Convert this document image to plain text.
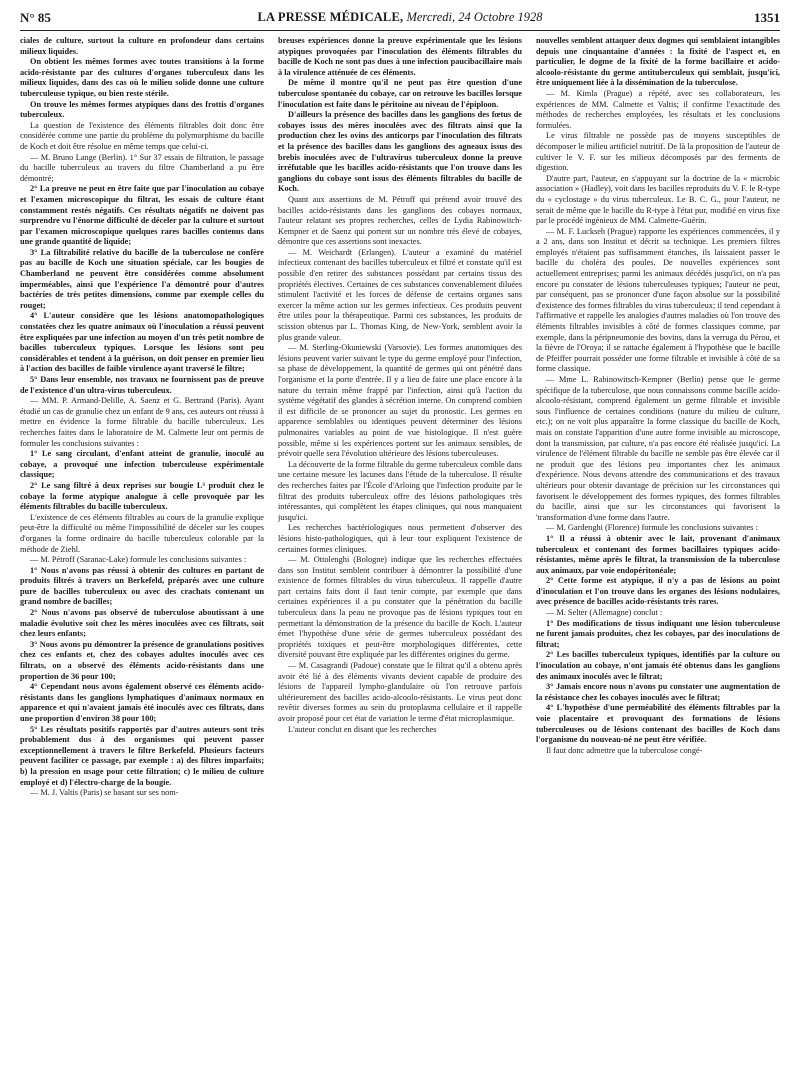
N° 85	LA PRESSE MÉDICALE, Mercredi, 24 Octobre 1928	1351

ciales de culture, surtout la culture en profondeur dans certains milieux liquides.

On obtient les mêmes formes avec toutes transitions à la forme acido-résistante par des cultures d'organes tuberculeux dans les milieux liquides, dans des cas où le milieu solide donne une culture tuberculeuse typique, ou bien reste stérile.

On trouve les mêmes formes atypiques dans des frottis d'organes tuberculeux.

La question de l'existence des éléments filtrables doit donc être considérée comme une partie du problème du polymorphisme du bacille de Koch et doit être résolue en même temps que celui-ci.

— M. Bruno Lange (Berlin). 1° Sur 37 essais de filtration, le passage du bacille tuberculeux au travers du filtre Chamberland a pu être démontré;

2° La preuve ne peut en être faite que par l'inoculation au cobaye et l'examen microscopique du filtrat, les essais de culture étant constamment restés négatifs. Ces résultats négatifs ne doivent pas surprendre vu l'énorme difficulté de déceler par la culture et surtout par l'examen microscopique quelques rares bacilles contenus dans une grande quantité de liquide;

3° La filtrabilité relative du bacille de la tuberculose ne confère pas au bacille de Koch une situation spéciale, car les bougies de Chamberland ne peuvent être considérées comme absolument imperméables, ainsi que l'expérience l'a démontré pour d'autres bactéries de très petites dimensions, comme par exemple celles du rouget;

4° L'auteur considère que les lésions anatomopathologiques constatées chez les quatre animaux où l'inoculation a réussi peuvent être expliquées par une infection au moyen d'un très petit nombre de bacilles tuberculeux typiques. Lorsque les lésions sont peu considérables et tendent à la guérison, on doit penser en premier lieu à l'action des bacilles de faible virulence ayant traversé le filtre;

5° Dans leur ensemble, nos travaux ne fournissent pas de preuve de l'existence d'un ultra-virus tuberculeux.

— MM. P. Armand-Delille, A. Saenz et G. Bertrand (Paris). Ayant étudié un cas de granulie chez un enfant de 9 ans, ces auteurs ont réussi à mettre en évidence la forme filtrable du bacille tuberculeux. Les recherches faites dans le laboratoire de M. Calmette leur ont permis de formuler les conclusions suivantes :

1° Le sang circulant, d'enfant atteint de granulie, inoculé au cobaye, a provoqué une infection tuberculeuse expérimentale classique;

2° Le sang filtré à deux reprises sur bougie L³ produit chez le cobaye la forme atypique analogue à celle provoquée par les éléments filtrables du bacille tuberculeux.

L'existence de ces éléments filtrables au cours de la granulie explique peut-être la difficulté ou même l'impossibilité de déceler sur les coupes d'organes la forme ordinaire du bacille tuberculeux colorable par la méthode de Ziehl.

— M. Pétroff (Saranac-Lake) formule les conclusions suivantes :

1° Nous n'avons pas réussi à obtenir des cultures en partant de produits filtrés à travers un Berkefeld, préparés avec une culture pure de bacilles tuberculeux ou avec des crachats contenant un grand nombre de bacilles;

2° Nous n'avons pas observé de tuberculose aboutissant à une maladie évolutive soit chez les mères inoculées avec ces filtrats, soit chez leurs enfants;

3° Nous avons pu démontrer la présence de granulations positives chez ces enfants et, chez des cobayes adultes inoculés avec ces filtrats, on a observé des éléments acido-résistants dans une proportion de 36 pour 100;

4° Cependant nous avons également observé ces éléments acido-résistants dans les ganglions lymphatiques d'animaux normaux en apparence et qui n'avaient jamais été inoculés avec ces filtrats, dans une proportion d'environ 38 pour 100;

5° Les résultats positifs rapportés par d'autres auteurs sont très probablement dus à des organismes qui peuvent passer exceptionnellement à travers le filtre Berkefeld. Plusieurs facteurs peuvent faciliter ce passage, par exemple : a) des filtres imparfaits; b) la pression en usage pour cette filtration; c) le milieu de culture employé et d) l'électro-charge de la bougie.

— M. J. Valtis (Paris) se basant sur ses nom-

breuses expériences donne la preuve expérimentale que les lésions atypiques provoquées par l'inoculation des éléments filtrables du bacille de Koch ne sont pas dues à une infection paucibacillaire mais à la virulence atténuée de ces éléments.

De même il montre qu'il ne peut pas être question d'une tuberculose spontanée du cobaye, car on retrouve les bacilles lorsque l'inoculation est faite dans le péritoine au niveau de l'épiploon.

D'ailleurs la présence des bacilles dans les ganglions des fœtus de cobayes issus des mères inoculées avec des filtrats ainsi que la production chez les ovins des anticorps par l'inoculation des filtrats et la présence des bacilles dans les ganglions des agneaux issus des brebis inoculées avec de l'ultravirus tuberculeux donne la preuve irréfutable que les bacilles acido-résistants que l'on trouve dans les ganglions du cobaye sont issus des éléments filtrables du bacille de Koch.

Quant aux assertions de M. Pétroff qui prétend avoir trouvé des bacilles acido-résistants dans les ganglions des cobayes normaux, l'auteur relatant ses propres recherches, celles de Lydia Rabinowitch-Kempner et de Saenz qui portent sur un nombre très élevé de cobayes, démontre que ces assertions sont inexactes.

— M. Weichardt (Erlangen). L'auteur a examiné du matériel infectieux contenant des bacilles tuberculeux et filtré et constate qu'il est possible d'en retirer des substances possédant par certains tissus des propriétés électives. Certaines de ces substances convenablement diluées stimulent l'activité et les forces de défense de certains organes sans exercer la même action sur les germes infectieux. Ces produits peuvent être utiles pour la thérapeutique. Parmi ces substances, les produits de scission obtenus par L. Thomas King, de New-York, semblent avoir la plus grande valeur.

— M. Sterling-Okuniewski (Varsovie). Les formes anatomiques des lésions peuvent varier suivant le type du germe employé pour l'infection, sa phase de développement, la quantité de germes qui ont pénétré dans l'organisme et la porte d'entrée. Il y a lieu de faire une place encore à la nature du terrain même frappé par l'infection, ainsi qu'à l'action du système végétatif des glandes à sécrétion interne. On comprend combien il est difficile de se prononcer au sujet du pronostic. Les germes en apparence semblables ou identiques peuvent déterminer des lésions pulmonaires variables au point de vue histologique. Il n'est guère possible, même si les expériences portent sur les animaux sensibles, de prévoir quelle sera l'évolution ultérieure des lésions tuberculeuses.

La découverte de la forme filtrable du germe tuberculeux comble dans une certaine mesure les lacunes dans l'étude de la tuberculose. Il résulte des recherches faites par l'École d'Arloing que l'infection produite par le filtrat des produits tuberculeux offre des lésions pathologiques très intéressantes, qui complètent les étapes cliniques, qui nous manquaient jusqu'ici.

Les recherches bactériologiques nous permettent d'observer des lésions histo-pathologiques, qui à leur tour expliquent l'existence de certaines formes cliniques.

— M. Ottolenghi (Bologne) indique que les recherches effectuées dans son Institut semblent contribuer à démontrer la possibilité d'une existence de formes filtrables du virus tuberculeux. Il rappelle d'autre part certains faits dont il faut tenir compte, par exemple que dans certaines expériences il a pu constater que la pénétration du bacille tuberculeux dans la peau ne provoque pas de lésions typiques tout en permettant la démonstration de la présence du bacille de Koch. L'auteur émet l'hypothèse d'une série de germes tuberculeux possédant des propriétés toxiques et peut-être morphologiques différentes, cette diversité pouvant être expliquée par les différentes origines du germe.

— M. Casagrandi (Padoue) constate que le filtrat qu'il a obtenu après avoir été lié à des éléments vivants devient capable de produire des lésions de l'appareil lympho-glandulaire où l'on retrouve parfois ultérieurement des bacilles acido-alcoolo-résistants. Le virus peut donc revêtir diverses formes au sein du protoplasma cellulaire et il rappelle avoir proposé pour cet état de variation le terme d'état microplasmique.

L'auteur conclut en disant que les recherches

nouvelles semblent attaquer deux dogmes qui semblaient intangibles depuis une cinquantaine d'années : la fixité de l'aspect et, en particulier, le dogme de la fixité de la forme bacillaire et acido-alcoolo-résistante du germe antituberculeux qui semblait, jusqu'ici, être uniquement liée à la dissémination de la tuberculose.

— M. Kimla (Prague) a répété, avec ses collaborateurs, les expériences de MM. Calmette et Valtis; il confirme l'exactitude des méthodes de recherches employées, les résultats et les conclusions formulées.

Le virus filtrable ne possède pas de moyens susceptibles de décomposer le milieu artificiel nutritif. De là la proposition de l'auteur de cultiver le V. F. sur les milieux décomposés par des ferments de digestion.

D'autre part, l'auteur, en s'appuyant sur la doctrine de la « microbic association » (Hadley), voit dans les bacilles reproduits du V. F. le R-type du « cyclostage » du virus tuberculeux. Le B. C. G., pour l'auteur, ne serait de même que le bacille du R-type à l'état pur, modifié en virus fixe par le procédé ingénieux de MM. Calmette-Guérin.

— M. F. Luckseh (Prague) rapporte les expériences commencées, il y a 2 ans, dans son Institut et décrit sa technique. Les premiers filtres employés n'étaient pas suffisamment étanches, ils laissaient passer le bacille du choléra des poules. De nouvelles expériences sont actuellement entreprises; parmi les animaux décédés jusqu'ici, on n'a pas encore pu constater de lésions tuberculeuses typiques; l'auteur ne peut, par conséquent, pas se prononcer d'une façon absolue sur la possibilité d'existence des formes filtrables du virus tuberculeux; il tend cependant à l'affirmative et rappelle les analogies d'autres maladies où l'on trouve des éléments filtrables invisibles à côté de formes classiques comme, par exemple, dans la péripneumonie des bovins, dans la verruga du Pérou, et la fièvre de l'Oroya; il se rattache également à l'hypothèse que le bacille de Pfeiffer pourrait posséder une forme filtrable et invisible à côté de sa forme classique.

— Mme L. Rabinowitsch-Kempner (Berlin) pense que le germe spécifique de la tuberculose, que nous connaissons comme bacille acido-alcoolo-résistant, comprend également un germe filtrable et invisible sous l'influence de certaines conditions (nature du milieu de culture, etc.); on ne voit plus apparaître la forme classique du bacille de Koch, mais on constate l'apparition d'une autre forme invisible au microscope, dont la transmission, par culture, n'a pas encore été réalisée jusqu'ici. La virulence de l'élément filtrable du bacille ne semble pas être élevée car il ne produit que des lésions peu importantes chez les animaux d'expérience. Nous devons attendre des communications et des travaux ultérieurs pour obtenir davantage de précision sur les circonstances qui favorisent le développement des formes typiques, des formes filtrables du bacille, ainsi que sur les circonstances qui favorisent la 'transformation d'une forme dans l'autre.

— M. Gardenghi (Florence) formule les conclusions suivantes :

1° Il a réussi à obtenir avec le lait, provenant d'animaux tuberculeux et contenant des formes bacillaires typiques acido-résistantes, même après le filtrat, la transmission de la tuberculose aux animaux, par voie endopéritonéale;

2° Cette forme est atypique, il n'y a pas de lésions au point d'inoculation et l'on trouve dans les organes des lésions nodulaires, avec présence de bacilles acido-résistants très rares.

— M. Selter (Allemagne) conclut :

1° Des modifications de tissus indiquant une lésion tuberculeuse ne furent jamais produites, chez les cobayes, par des inoculations de filtrat;

2° Les bacilles tuberculeux typiques, identifiés par la culture ou l'inoculation au cobaye, n'ont jamais été obtenus dans les ganglions des animaux inoculés avec le filtrat;

3° Jamais encore nous n'avons pu constater une augmentation de la résistance chez les cobayes inoculés avec le filtrat;

4° L'hypothèse d'une perméabilité des éléments filtrables par la voie placentaire et provoquant des formations de lésions tuberculeuses ou de lésions contenant des bacilles de Koch dans l'organisme du nouveau-né ne peut être vérifiée.

Il faut donc admettre que la tuberculose congé-
